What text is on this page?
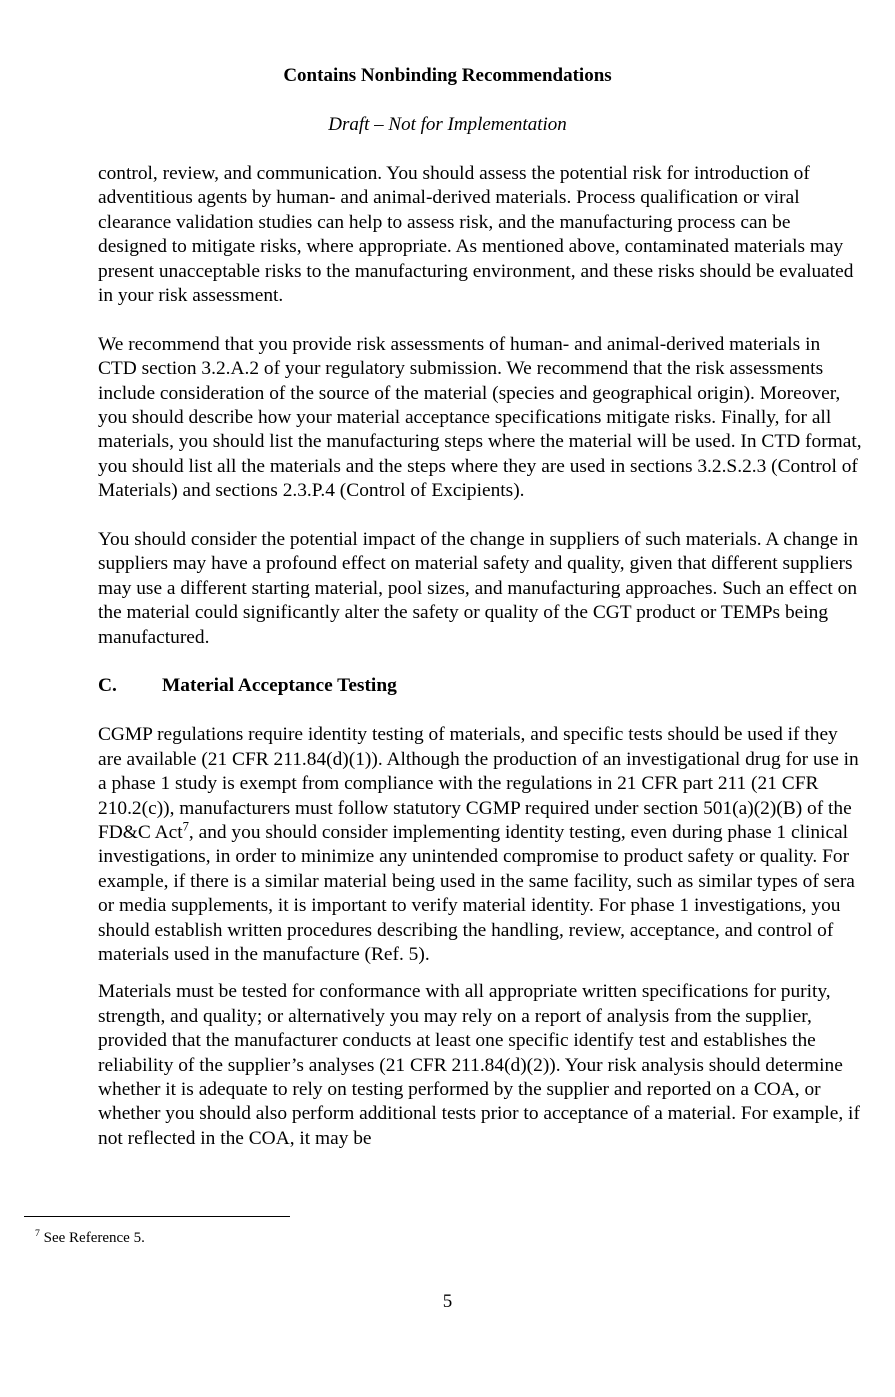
Contains Nonbinding Recommendations
Draft – Not for Implementation

control, review, and communication. You should assess the potential risk for introduction of adventitious agents by human- and animal-derived materials. Process qualification or viral clearance validation studies can help to assess risk, and the manufacturing process can be designed to mitigate risks, where appropriate. As mentioned above, contaminated materials may present unacceptable risks to the manufacturing environment, and these risks should be evaluated in your risk assessment.

We recommend that you provide risk assessments of human- and animal-derived materials in CTD section 3.2.A.2 of your regulatory submission. We recommend that the risk assessments include consideration of the source of the material (species and geographical origin). Moreover, you should describe how your material acceptance specifications mitigate risks. Finally, for all materials, you should list the manufacturing steps where the material will be used. In CTD format, you should list all the materials and the steps where they are used in sections 3.2.S.2.3 (Control of Materials) and sections 2.3.P.4 (Control of Excipients).

You should consider the potential impact of the change in suppliers of such materials. A change in suppliers may have a profound effect on material safety and quality, given that different suppliers may use a different starting material, pool sizes, and manufacturing approaches. Such an effect on the material could significantly alter the safety or quality of the CGT product or TEMPs being manufactured.

C. Material Acceptance Testing

CGMP regulations require identity testing of materials, and specific tests should be used if they are available (21 CFR 211.84(d)(1)). Although the production of an investigational drug for use in a phase 1 study is exempt from compliance with the regulations in 21 CFR part 211 (21 CFR 210.2(c)), manufacturers must follow statutory CGMP required under section 501(a)(2)(B) of the FD&C Act$^7$, and you should consider implementing identity testing, even during phase 1 clinical investigations, in order to minimize any unintended compromise to product safety or quality. For example, if there is a similar material being used in the same facility, such as similar types of sera or media supplements, it is important to verify material identity. For phase 1 investigations, you should establish written procedures describing the handling, review, acceptance, and control of materials used in the manufacture (Ref. 5).

Materials must be tested for conformance with all appropriate written specifications for purity, strength, and quality; or alternatively you may rely on a report of analysis from the supplier, provided that the manufacturer conducts at least one specific identify test and establishes the reliability of the supplier’s analyses (21 CFR 211.84(d)(2)). Your risk analysis should determine whether it is adequate to rely on testing performed by the supplier and reported on a COA, or whether you should also perform additional tests prior to acceptance of a material. For example, if not reflected in the COA, it may be

$^7$ See Reference 5.
5
